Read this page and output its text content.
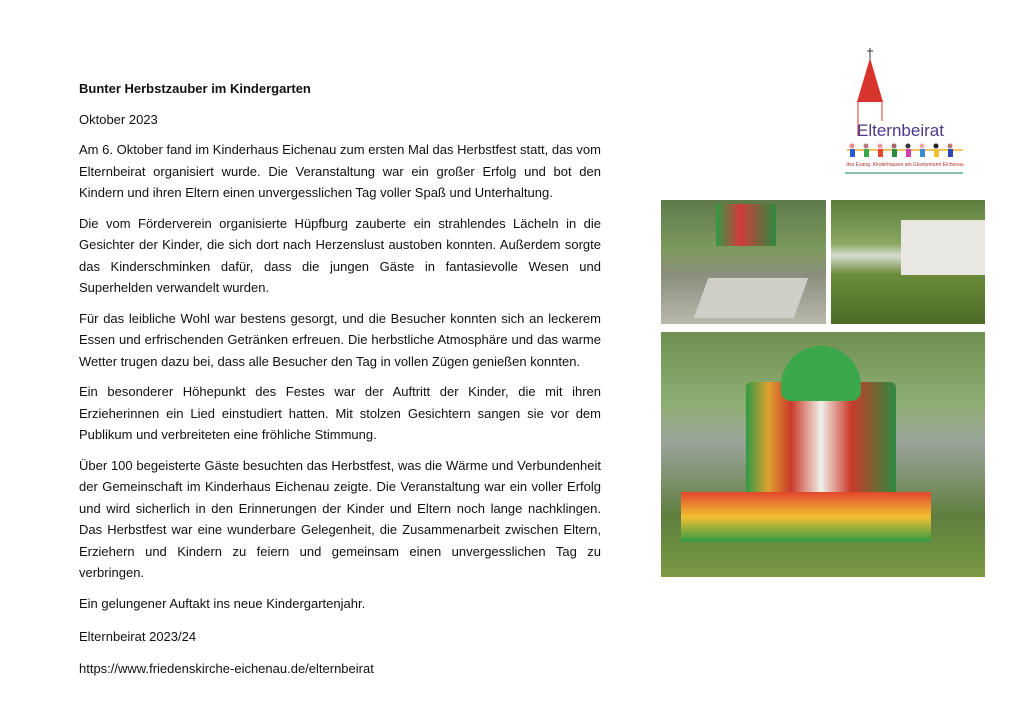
Bunter Herbstzauber im Kindergarten

Oktober 2023

Am 6. Oktober fand im Kinderhaus Eichenau zum ersten Mal das Herbstfest statt, das vom Elternbeirat organisiert wurde. Die Veranstaltung war ein großer Erfolg und bot den Kindern und ihren Eltern einen unvergesslichen Tag voller Spaß und Unterhaltung.

Die vom Förderverein organisierte Hüpfburg zauberte ein strahlendes Lächeln in die Gesichter der Kinder, die sich dort nach Herzenslust austoben konnten. Außerdem sorgte das Kinderschminken dafür, dass die jungen Gäste in fantasievolle Wesen und Superhelden verwandelt wurden.

Für das leibliche Wohl war bestens gesorgt, und die Besucher konnten sich an leckerem Essen und erfrischenden Getränken erfreuen. Die herbstliche Atmosphäre und das warme Wetter trugen dazu bei, dass alle Besucher den Tag in vollen Zügen genießen konnten.

Ein besonderer Höhepunkt des Festes war der Auftritt der Kinder, die mit ihren Erzieherinnen ein Lied einstudiert hatten. Mit stolzen Gesichtern sangen sie vor dem Publikum und verbreiteten eine fröhliche Stimmung.

Über 100 begeisterte Gäste besuchten das Herbstfest, was die Wärme und Verbundenheit der Gemeinschaft im Kinderhaus Eichenau zeigte. Die Veranstaltung war ein voller Erfolg und wird sicherlich in den Erinnerungen der Kinder und Eltern noch lange nachklingen. Das Herbstfest war eine wunderbare Gelegenheit, die Zusammenarbeit zwischen Eltern, Erziehern und Kindern zu feiern und gemeinsam einen unvergesslichen Tag zu verbringen.

Ein gelungener Auftakt ins neue Kindergartenjahr.

Elternbeirat 2023/24

https://www.friedenskirche-eichenau.de/elternbeirat

Elternbeirat
des Evang. Kinderhauses am Glockenturm Eichenau
